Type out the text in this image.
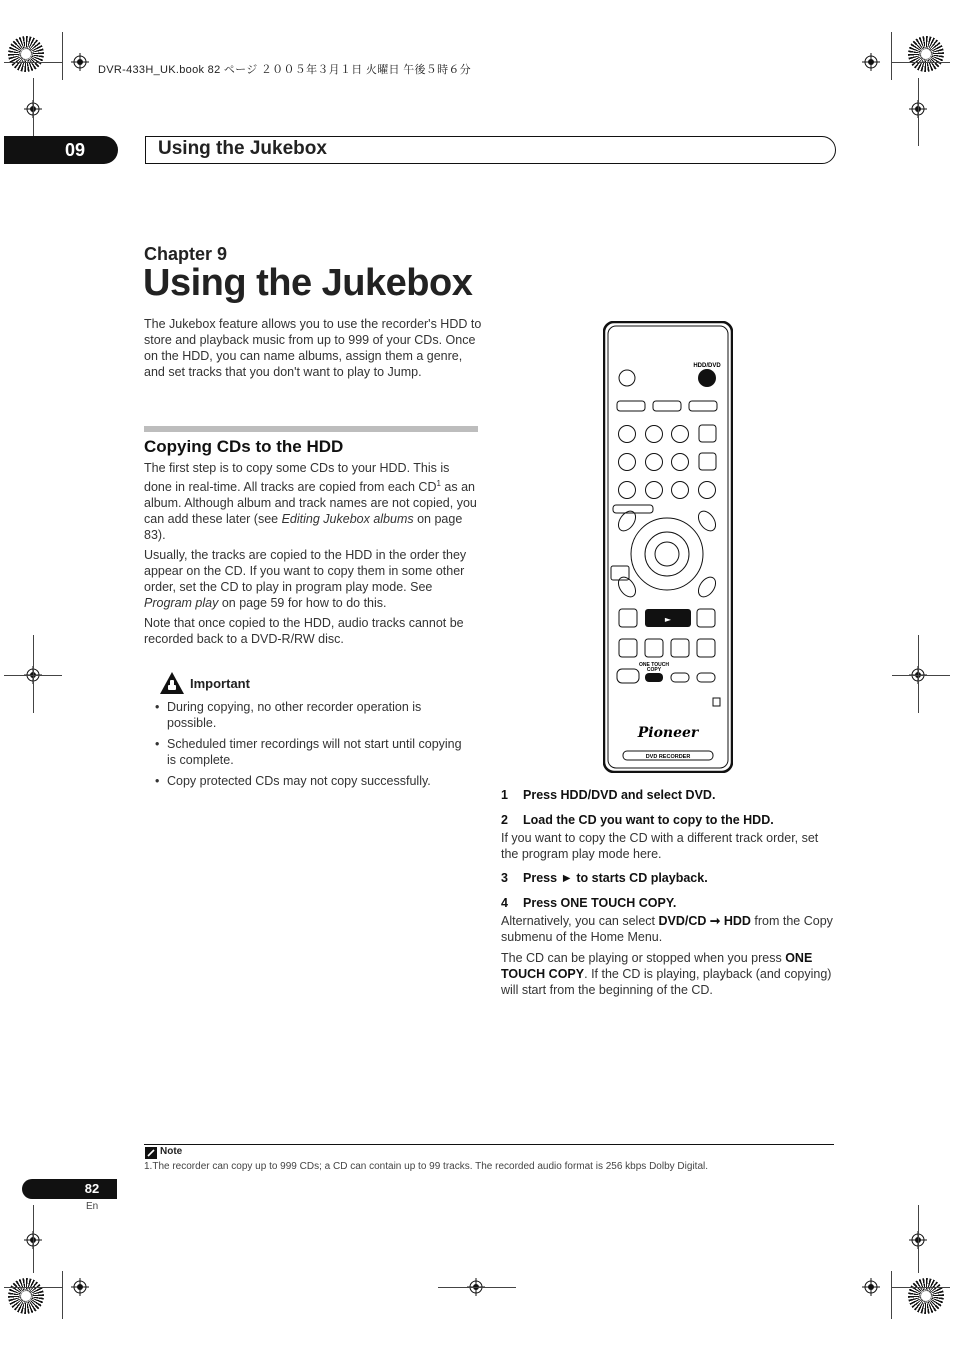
DVR-433H_UK.book 82 ページ ２００５年３月１日 火曜日 午後５時６分
09	Using the Jukebox
Chapter 9
Using the Jukebox

The Jukebox feature allows you to use the recorder's HDD to store and playback music from up to 999 of your CDs. Once on the HDD, you can name albums, assign them a genre, and set tracks that you don't want to play to Jump.

Copying CDs to the HDD

The first step is to copy some CDs to your HDD. This is done in real-time. All tracks are copied from each $CD^1$ as an album. Although album and track names are not copied, you can add these later (see Editing Jukebox albums on page 83).

Usually, the tracks are copied to the HDD in the order they appear on the CD. If you want to copy them in some other order, set the CD to play in program play mode. See Program play on page 59 for how to do this.

Note that once copied to the HDD, audio tracks cannot be recorded back to a DVD-R/RW disc.

Important
• During copying, no other recorder operation is possible.
• Scheduled timer recordings will not start until copying is complete.
• Copy protected CDs may not copy successfully.
HDD/DVD
►
ONE TOUCH
COPY
Pioneer
DVD RECORDER

1 Press HDD/DVD and select DVD.

2 Load the CD you want to copy to the HDD.

If you want to copy the CD with a different track order, set the program play mode here.

3 Press ► to starts CD playback.

4 Press ONE TOUCH COPY.

Alternatively, you can select DVD/CD ➞ HDD from the Copy submenu of the Home Menu.

The CD can be playing or stopped when you press ONE TOUCH COPY. If the CD is playing, playback (and copying) will start from the beginning of the CD.

Note
1.The recorder can copy up to 999 CDs; a CD can contain up to 99 tracks. The recorded audio format is 256 kbps Dolby Digital.
82
En
